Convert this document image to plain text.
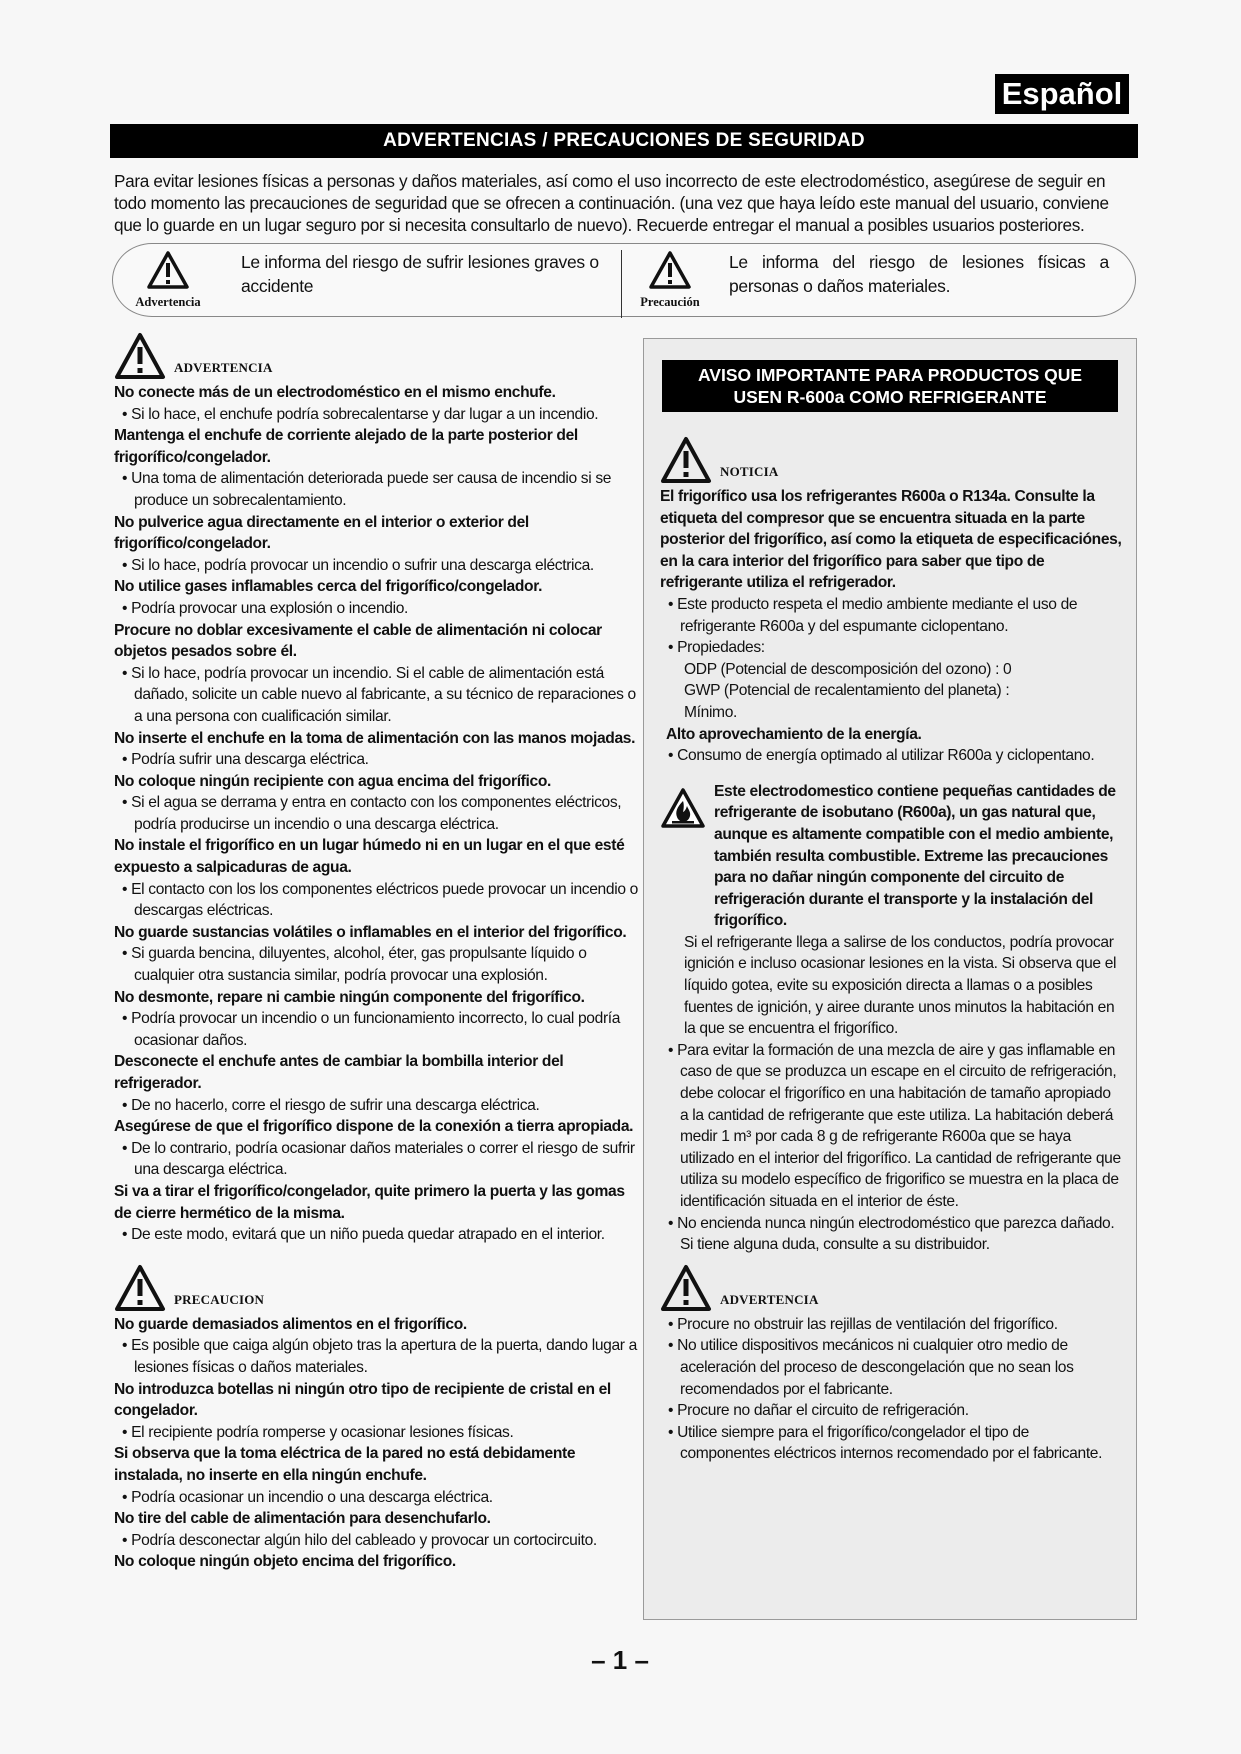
Español
ADVERTENCIAS / PRECAUCIONES DE SEGURIDAD
Para evitar lesiones físicas a personas y daños materiales, así como el uso incorrecto de este electrodoméstico, asegúrese de seguir en todo momento las precauciones de seguridad que se ofrecen a continuación. (una vez que haya leído este manual del usuario, conviene que lo guarde en un lugar seguro por si necesita consultarlo de nuevo). Recuerde entregar el manual a posibles usuarios posteriores.
Advertencia
Le informa del riesgo de sufrir lesiones graves o accidente
Precaución
Le informa del riesgo de lesiones físicas a personas o daños materiales.
ADVERTENCIA
No conecte más de un electrodoméstico en el mismo enchufe.
• Si lo hace, el enchufe podría sobrecalentarse y dar lugar a un incendio.
Mantenga el enchufe de corriente alejado de la parte posterior del frigorífico/congelador.
• Una toma de alimentación deteriorada puede ser causa de incendio si se produce un sobrecalentamiento.
No pulverice agua directamente en el interior o exterior del frigorífico/congelador.
• Si lo hace, podría provocar un incendio o sufrir una descarga eléctrica.
No utilice gases inflamables cerca del frigorífico/congelador.
• Podría provocar una explosión o incendio.
Procure no doblar excesivamente el cable de alimentación ni colocar objetos pesados sobre él.
• Si lo hace, podría provocar un incendio. Si el cable de alimentación está dañado, solicite un cable nuevo al fabricante, a su técnico de reparaciones o a una persona con cualificación similar.
No inserte el enchufe en la toma de alimentación con las manos mojadas.
• Podría sufrir una descarga eléctrica.
No coloque ningún recipiente con agua encima del frigorífico.
• Si el agua se derrama y entra en contacto con los componentes eléctricos, podría producirse un incendio o una descarga eléctrica.
No instale el frigorífico en un lugar húmedo ni en un lugar en el que esté expuesto a salpicaduras de agua.
• El contacto con los los componentes eléctricos puede provocar un incendio o descargas eléctricas.
No guarde sustancias volátiles o inflamables en el interior del frigorífico.
• Si guarda bencina, diluyentes, alcohol, éter, gas propulsante líquido o cualquier otra sustancia similar, podría provocar una explosión.
No desmonte, repare ni cambie ningún componente del frigorífico.
• Podría provocar un incendio o un funcionamiento incorrecto, lo cual podría ocasionar daños.
Desconecte el enchufe antes de cambiar la bombilla interior del refrigerador.
• De no hacerlo, corre el riesgo de sufrir una descarga eléctrica.
Asegúrese de que el frigorífico dispone de la conexión a tierra apropiada.
• De lo contrario, podría ocasionar daños materiales o correr el riesgo de sufrir una descarga eléctrica.
Si va a tirar el frigorífico/congelador, quite primero la puerta y las gomas de cierre hermético de la misma.
• De este modo, evitará que un niño pueda quedar atrapado en el interior.
PRECAUCION
No guarde demasiados alimentos en el frigorífico.
• Es posible que caiga algún objeto tras la apertura de la puerta, dando lugar a lesiones físicas o daños materiales.
No introduzca botellas ni ningún otro tipo de recipiente de cristal en el congelador.
• El recipiente podría romperse y ocasionar lesiones físicas.
Si observa que la toma eléctrica de la pared no está debidamente instalada, no inserte en ella ningún enchufe.
• Podría ocasionar un incendio o una descarga eléctrica.
No tire del cable de alimentación para desenchufarlo.
• Podría desconectar algún hilo del cableado y provocar un cortocircuito.
No coloque ningún objeto encima del frigorífico.
AVISO IMPORTANTE PARA PRODUCTOS QUE
USEN R-600a COMO REFRIGERANTE
NOTICIA
El frigorífico usa los refrigerantes R600a o R134a. Consulte la etiqueta del compresor que se encuentra situada en la parte posterior del frigorífico, así como la etiqueta de especificaciónes, en la cara interior del frigorífico para saber que tipo de refrigerante utiliza el refrigerador.
• Este producto respeta el medio ambiente mediante el uso de refrigerante R600a y del espumante ciclopentano.
• Propiedades:
ODP (Potencial de descomposición del ozono) : 0
GWP (Potencial de recalentamiento del planeta) :
Mínimo.
Alto aprovechamiento de la energía.
• Consumo de energía optimado al utilizar R600a y ciclopentano.
Este electrodomestico contiene pequeñas cantidades de refrigerante de isobutano (R600a), un gas natural que, aunque es altamente compatible con el medio ambiente, también resulta combustible. Extreme las precauciones para no dañar ningún componente del circuito de refrigeración durante el transporte y la instalación del frigorífico.
Si el refrigerante llega a salirse de los conductos, podría provocar ignición e incluso ocasionar lesiones en la vista. Si observa que el líquido gotea, evite su exposición directa a llamas o a posibles fuentes de ignición, y airee durante unos minutos la habitación en la que se encuentra el frigorífico.
• Para evitar la formación de una mezcla de aire y gas inflamable en caso de que se produzca un escape en el circuito de refrigeración, debe colocar el frigorífico en una habitación de tamaño apropiado a la cantidad de refrigerante que este utiliza. La habitación deberá medir 1 m³ por cada 8 g de refrigerante R600a que se haya utilizado en el interior del frigorífico. La cantidad de refrigerante que utiliza su modelo específico de frigorifico se muestra en la placa de identificación situada en el interior de éste.
• No encienda nunca ningún electrodoméstico que parezca dañado. Si tiene alguna duda, consulte a su distribuidor.
ADVERTENCIA
• Procure no obstruir las rejillas de ventilación del frigorífico.
• No utilice dispositivos mecánicos ni cualquier otro medio de aceleración del proceso de descongelación que no sean los recomendados por el fabricante.
• Procure no dañar el circuito de refrigeración.
• Utilice siempre para el frigorífico/congelador el tipo de componentes eléctricos internos recomendado por el fabricante.
– 1 –
